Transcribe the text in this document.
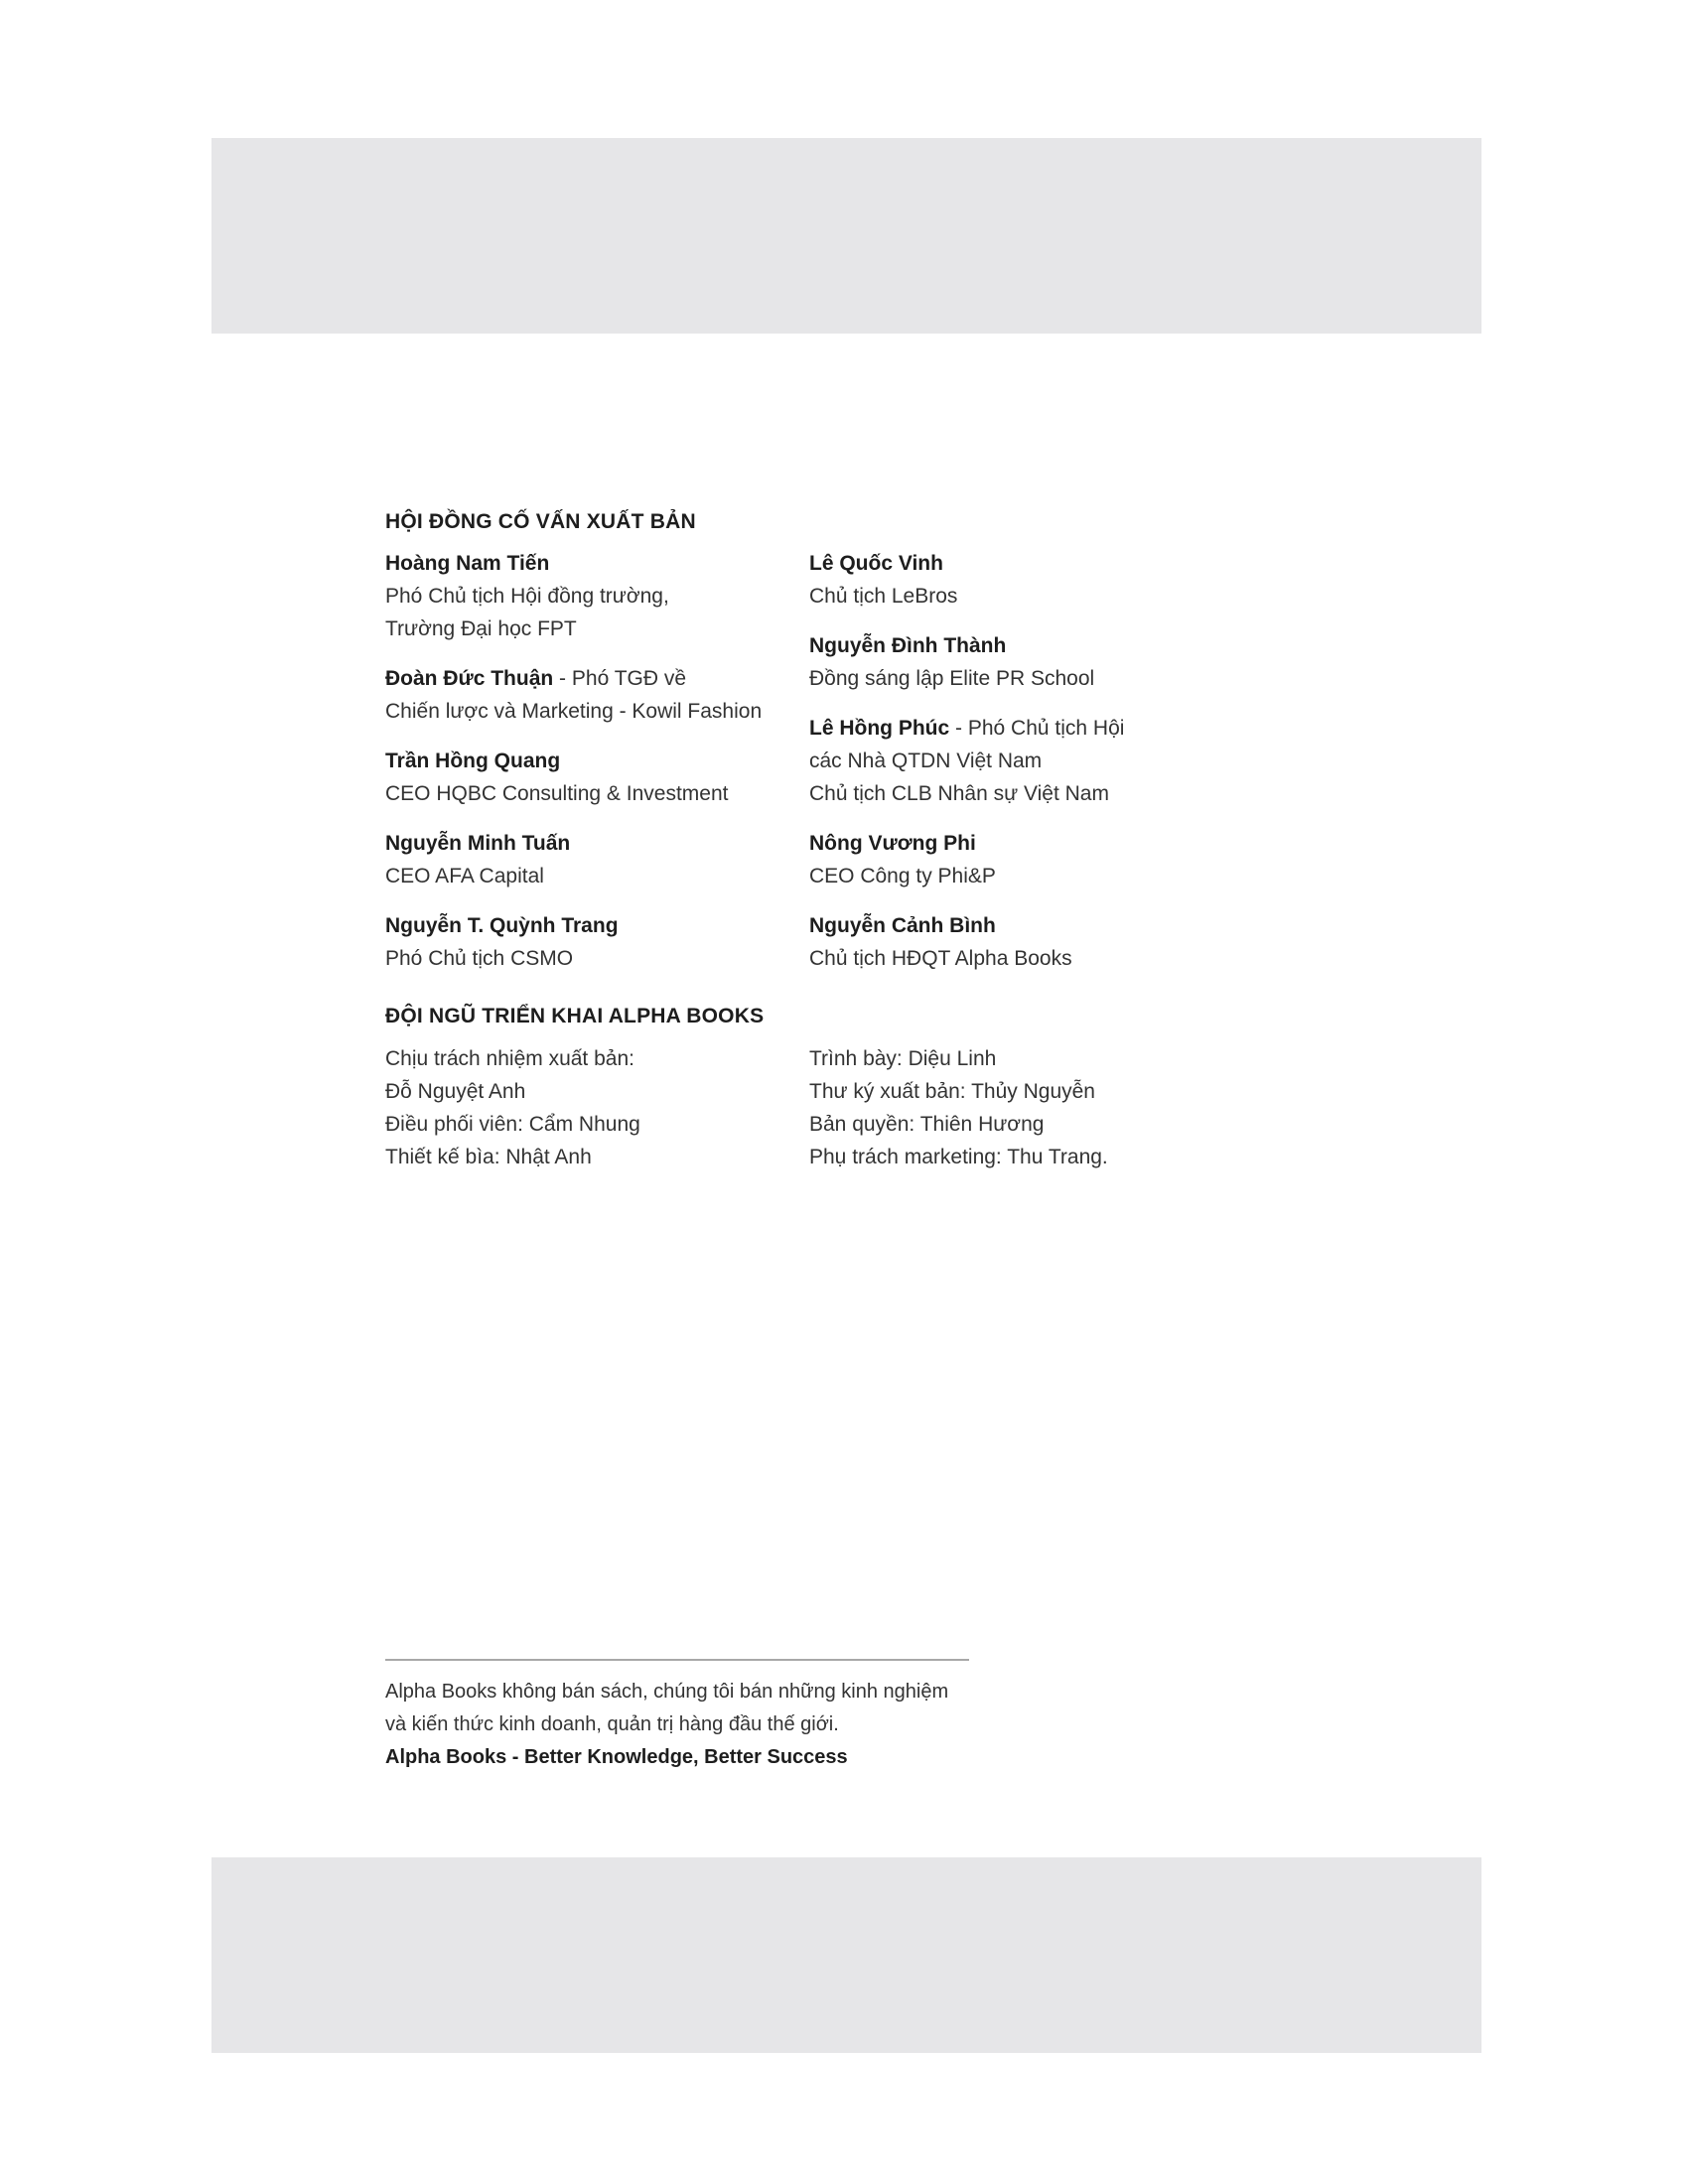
HỘI ĐỒNG CỐ VẤN XUẤT BẢN
Hoàng Nam Tiến
Phó Chủ tịch Hội đồng trường,
Trường Đại học FPT
Đoàn Đức Thuận - Phó TGĐ về
Chiến lược và Marketing - Kowil Fashion
Trần Hồng Quang
CEO HQBC Consulting & Investment
Nguyễn Minh Tuấn
CEO AFA Capital
Nguyễn T. Quỳnh Trang
Phó Chủ tịch CSMO
Lê Quốc Vinh
Chủ tịch LeBros
Nguyễn Đình Thành
Đồng sáng lập Elite PR School
Lê Hồng Phúc - Phó Chủ tịch Hội
các Nhà QTDN Việt Nam
Chủ tịch CLB Nhân sự Việt Nam
Nông Vương Phi
CEO Công ty Phi&P
Nguyễn Cảnh Bình
Chủ tịch HĐQT Alpha Books
ĐỘI NGŨ TRIỂN KHAI ALPHA BOOKS
Chịu trách nhiệm xuất bản:
Đỗ Nguyệt Anh
Điều phối viên: Cẩm Nhung
Thiết kế bìa: Nhật Anh
Trình bày: Diệu Linh
Thư ký xuất bản: Thủy Nguyễn
Bản quyền: Thiên Hương
Phụ trách marketing: Thu Trang.
Alpha Books không bán sách, chúng tôi bán những kinh nghiệm
và kiến thức kinh doanh, quản trị hàng đầu thế giới.
Alpha Books - Better Knowledge, Better Success
